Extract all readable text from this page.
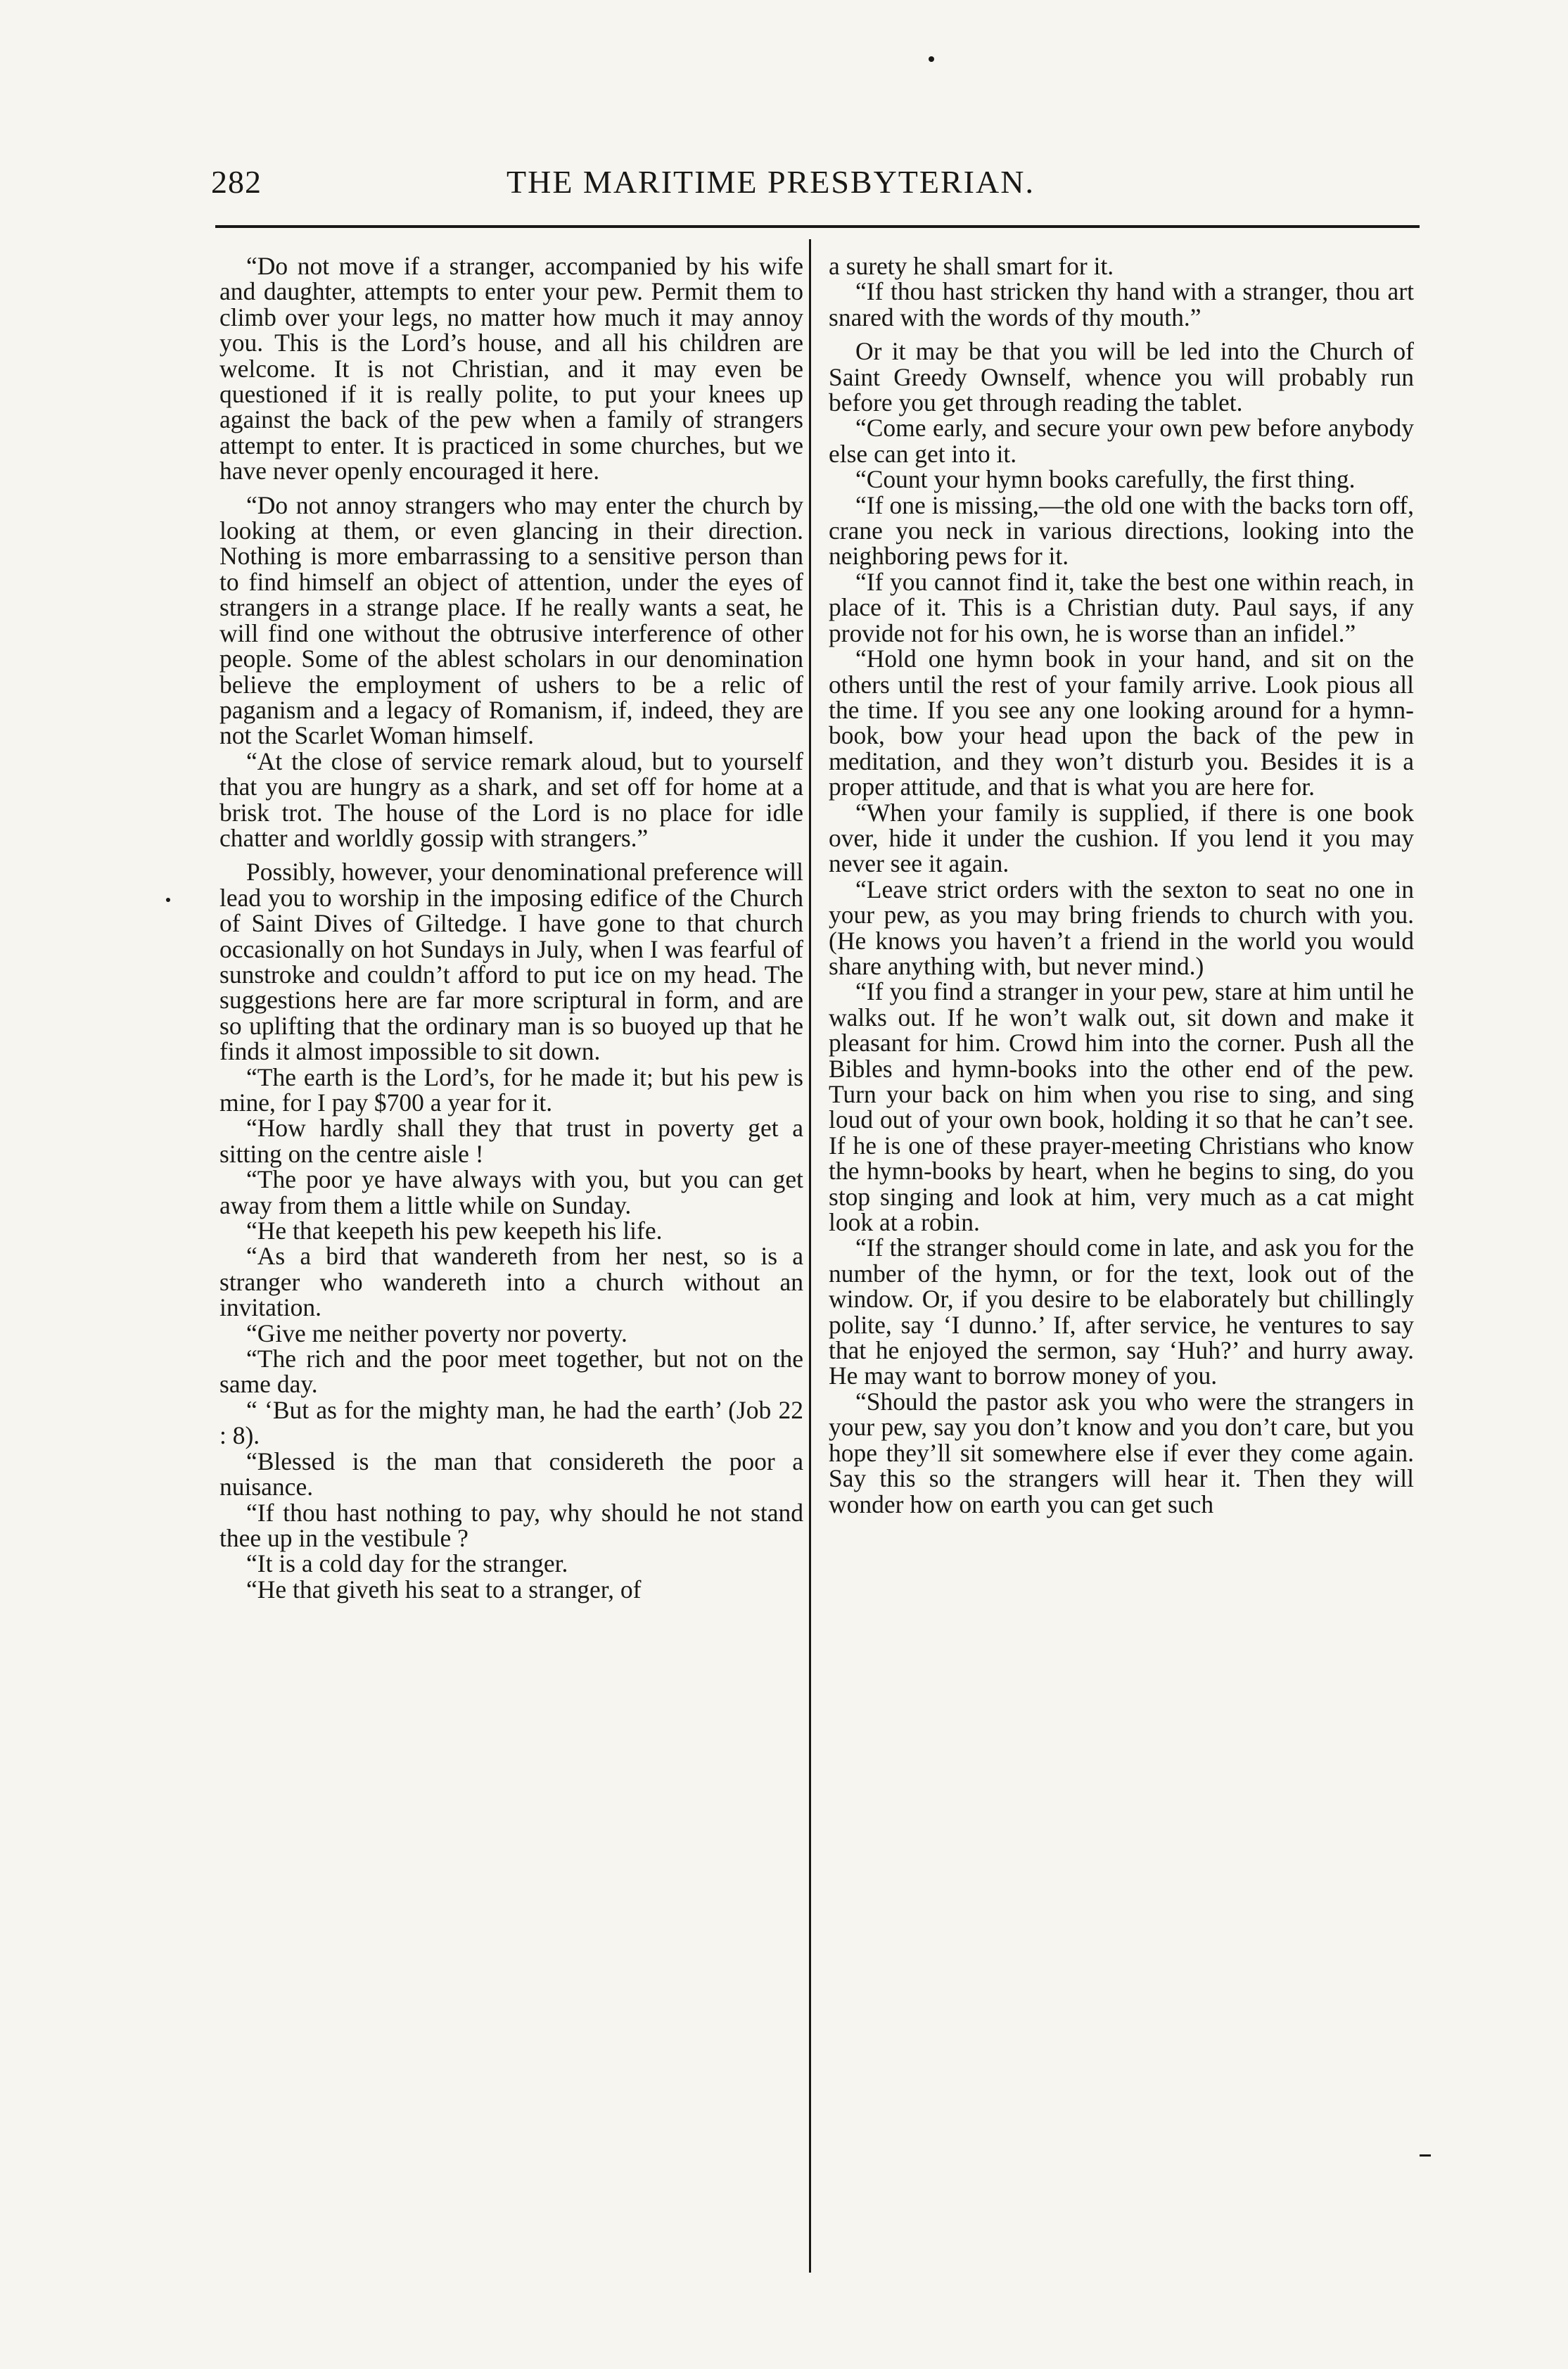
282	THE MARITIME PRESBYTERIAN.

“Do not move if a stranger, accompanied by his wife and daughter, attempts to enter your pew. Permit them to climb over your legs, no matter how much it may annoy you. This is the Lord’s house, and all his children are welcome. It is not Christian, and it may even be questioned if it is really polite, to put your knees up against the back of the pew when a family of strangers attempt to enter. It is practiced in some churches, but we have never openly encouraged it here.

“Do not annoy strangers who may enter the church by looking at them, or even glancing in their direction. Nothing is more embarrassing to a sensitive person than to find himself an object of attention, under the eyes of strangers in a strange place. If he really wants a seat, he will find one without the obtrusive interference of other people. Some of the ablest scholars in our denomination believe the employment of ushers to be a relic of paganism and a legacy of Romanism, if, indeed, they are not the Scarlet Woman himself.

“At the close of service remark aloud, but to yourself that you are hungry as a shark, and set off for home at a brisk trot. The house of the Lord is no place for idle chatter and worldly gossip with strangers.”

Possibly, however, your denominational preference will lead you to worship in the imposing edifice of the Church of Saint Dives of Giltedge. I have gone to that church occasionally on hot Sundays in July, when I was fearful of sunstroke and couldn’t afford to put ice on my head. The suggestions here are far more scriptural in form, and are so uplifting that the ordinary man is so buoyed up that he finds it almost impossible to sit down.

“The earth is the Lord’s, for he made it; but his pew is mine, for I pay $700 a year for it.

“How hardly shall they that trust in poverty get a sitting on the centre aisle !

“The poor ye have always with you, but you can get away from them a little while on Sunday.

“He that keepeth his pew keepeth his life.

“As a bird that wandereth from her nest, so is a stranger who wandereth into a church without an invitation.

“Give me neither poverty nor poverty.

“The rich and the poor meet together, but not on the same day.

“ ‘But as for the mighty man, he had the earth’ (Job 22 : 8).

“Blessed is the man that considereth the poor a nuisance.

“If thou hast nothing to pay, why should he not stand thee up in the vestibule ?

“It is a cold day for the stranger.

“He that giveth his seat to a stranger, of

a surety he shall smart for it.

“If thou hast stricken thy hand with a stranger, thou art snared with the words of thy mouth.”

Or it may be that you will be led into the Church of Saint Greedy Ownself, whence you will probably run before you get through reading the tablet.

“Come early, and secure your own pew before anybody else can get into it.

“Count your hymn books carefully, the first thing.

“If one is missing,—the old one with the backs torn off, crane you neck in various directions, looking into the neighboring pews for it.

“If you cannot find it, take the best one within reach, in place of it. This is a Christian duty. Paul says, if any provide not for his own, he is worse than an infidel.”

“Hold one hymn book in your hand, and sit on the others until the rest of your family arrive. Look pious all the time. If you see any one looking around for a hymn-book, bow your head upon the back of the pew in meditation, and they won’t disturb you. Besides it is a proper attitude, and that is what you are here for.

“When your family is supplied, if there is one book over, hide it under the cushion. If you lend it you may never see it again.

“Leave strict orders with the sexton to seat no one in your pew, as you may bring friends to church with you. (He knows you haven’t a friend in the world you would share anything with, but never mind.)

“If you find a stranger in your pew, stare at him until he walks out. If he won’t walk out, sit down and make it pleasant for him. Crowd him into the corner. Push all the Bibles and hymn-books into the other end of the pew. Turn your back on him when you rise to sing, and sing loud out of your own book, holding it so that he can’t see. If he is one of these prayer-meeting Christians who know the hymn-books by heart, when he begins to sing, do you stop singing and look at him, very much as a cat might look at a robin.

“If the stranger should come in late, and ask you for the number of the hymn, or for the text, look out of the window. Or, if you desire to be elaborately but chillingly polite, say ‘I dunno.’ If, after service, he ventures to say that he enjoyed the sermon, say ‘Huh?’ and hurry away. He may want to borrow money of you.

“Should the pastor ask you who were the strangers in your pew, say you don’t know and you don’t care, but you hope they’ll sit somewhere else if ever they come again. Say this so the strangers will hear it. Then they will wonder how on earth you can get such
